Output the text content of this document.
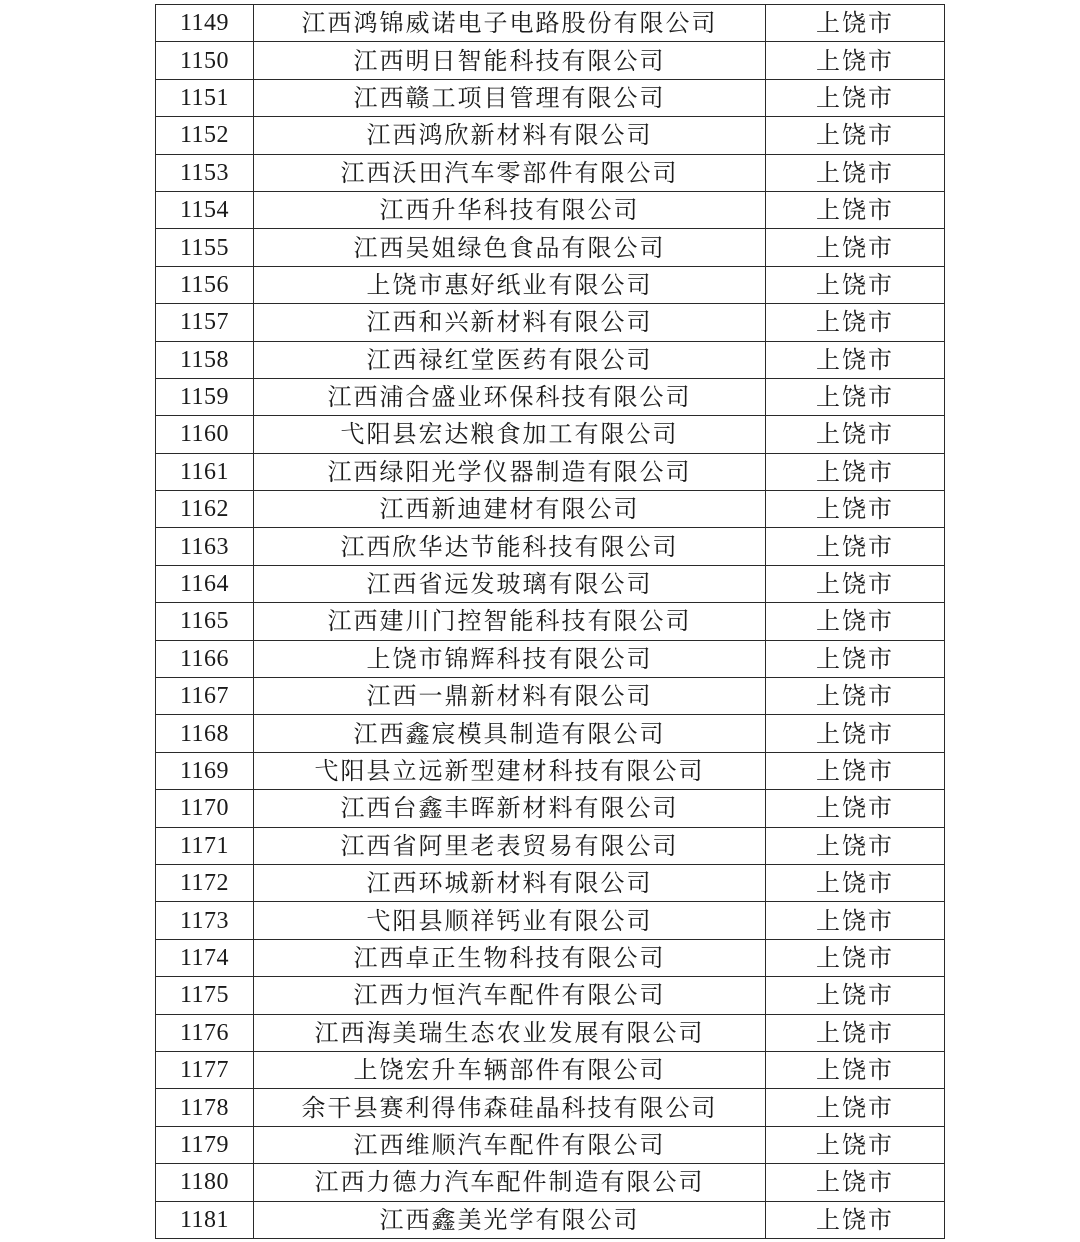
1149	江西鸿锦威诺电子电路股份有限公司	上饶市
1150	江西明日智能科技有限公司	上饶市
1151	江西赣工项目管理有限公司	上饶市
1152	江西鸿欣新材料有限公司	上饶市
1153	江西沃田汽车零部件有限公司	上饶市
1154	江西升华科技有限公司	上饶市
1155	江西吴姐绿色食品有限公司	上饶市
1156	上饶市惠好纸业有限公司	上饶市
1157	江西和兴新材料有限公司	上饶市
1158	江西禄红堂医药有限公司	上饶市
1159	江西浦合盛业环保科技有限公司	上饶市
1160	弋阳县宏达粮食加工有限公司	上饶市
1161	江西绿阳光学仪器制造有限公司	上饶市
1162	江西新迪建材有限公司	上饶市
1163	江西欣华达节能科技有限公司	上饶市
1164	江西省远发玻璃有限公司	上饶市
1165	江西建川门控智能科技有限公司	上饶市
1166	上饶市锦辉科技有限公司	上饶市
1167	江西一鼎新材料有限公司	上饶市
1168	江西鑫宸模具制造有限公司	上饶市
1169	弋阳县立远新型建材科技有限公司	上饶市
1170	江西台鑫丰晖新材料有限公司	上饶市
1171	江西省阿里老表贸易有限公司	上饶市
1172	江西环城新材料有限公司	上饶市
1173	弋阳县顺祥钙业有限公司	上饶市
1174	江西卓正生物科技有限公司	上饶市
1175	江西力恒汽车配件有限公司	上饶市
1176	江西海美瑞生态农业发展有限公司	上饶市
1177	上饶宏升车辆部件有限公司	上饶市
1178	余干县赛利得伟森硅晶科技有限公司	上饶市
1179	江西维顺汽车配件有限公司	上饶市
1180	江西力德力汽车配件制造有限公司	上饶市
1181	江西鑫美光学有限公司	上饶市
